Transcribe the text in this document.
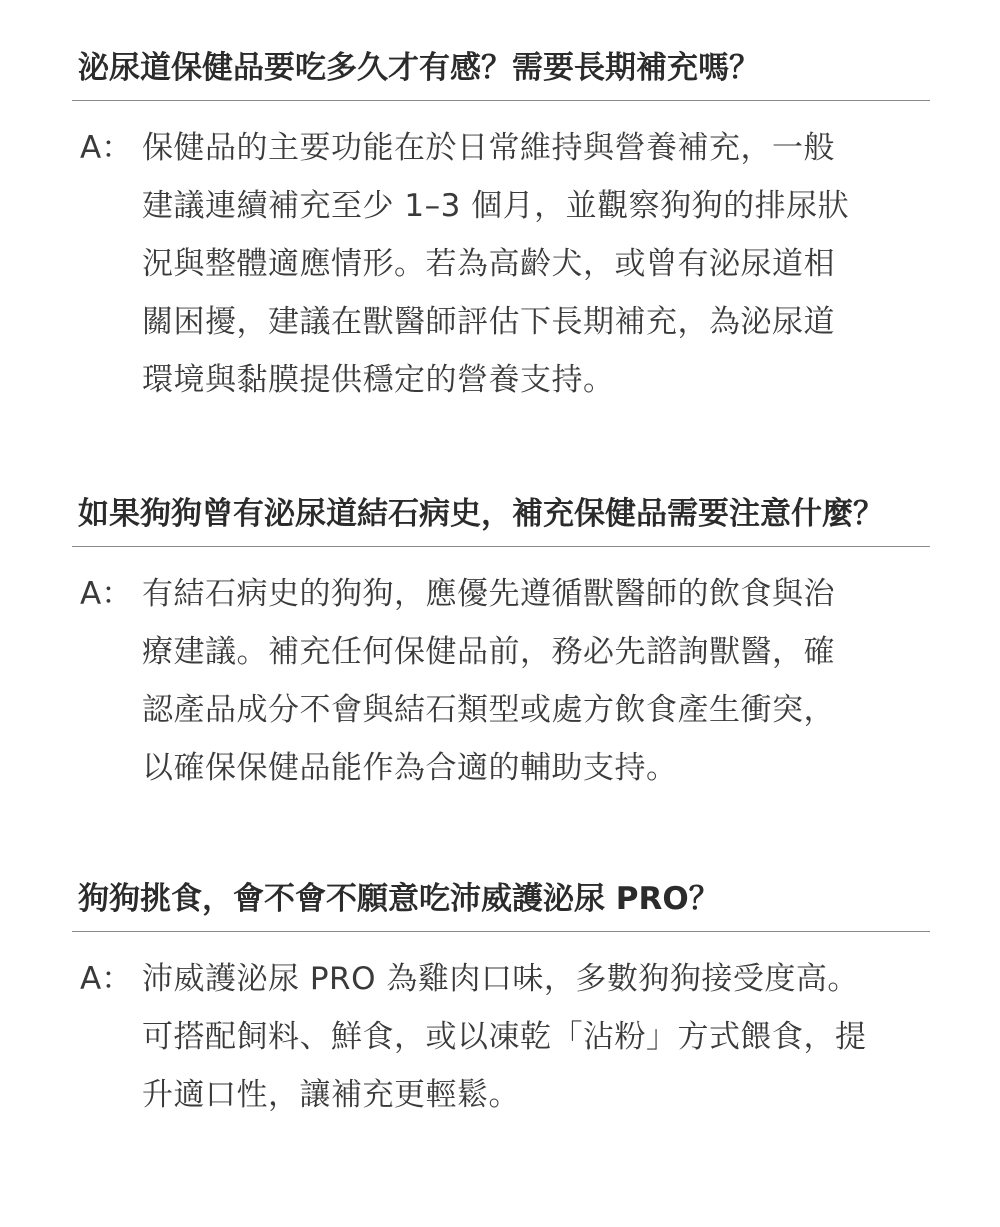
泌尿道保健品要吃多久才有感？需要長期補充嗎？
A： 保健品的主要功能在於日常維持與營養補充，一般
建議連續補充至少 1–3 個月，並觀察狗狗的排尿狀
況與整體適應情形。若為高齡犬，或曾有泌尿道相
關困擾，建議在獸醫師評估下長期補充，為泌尿道
環境與黏膜提供穩定的營養支持。
如果狗狗曾有泌尿道結石病史，補充保健品需要注意什麼？
A： 有結石病史的狗狗，應優先遵循獸醫師的飲食與治
療建議。補充任何保健品前，務必先諮詢獸醫，確
認產品成分不會與結石類型或處方飲食產生衝突，
以確保保健品能作為合適的輔助支持。
狗狗挑食，會不會不願意吃沛威護泌尿 PRO？
A： 沛威護泌尿 PRO 為雞肉口味，多數狗狗接受度高。
可搭配飼料、鮮食，或以凍乾「沾粉」方式餵食，提
升適口性，讓補充更輕鬆。
